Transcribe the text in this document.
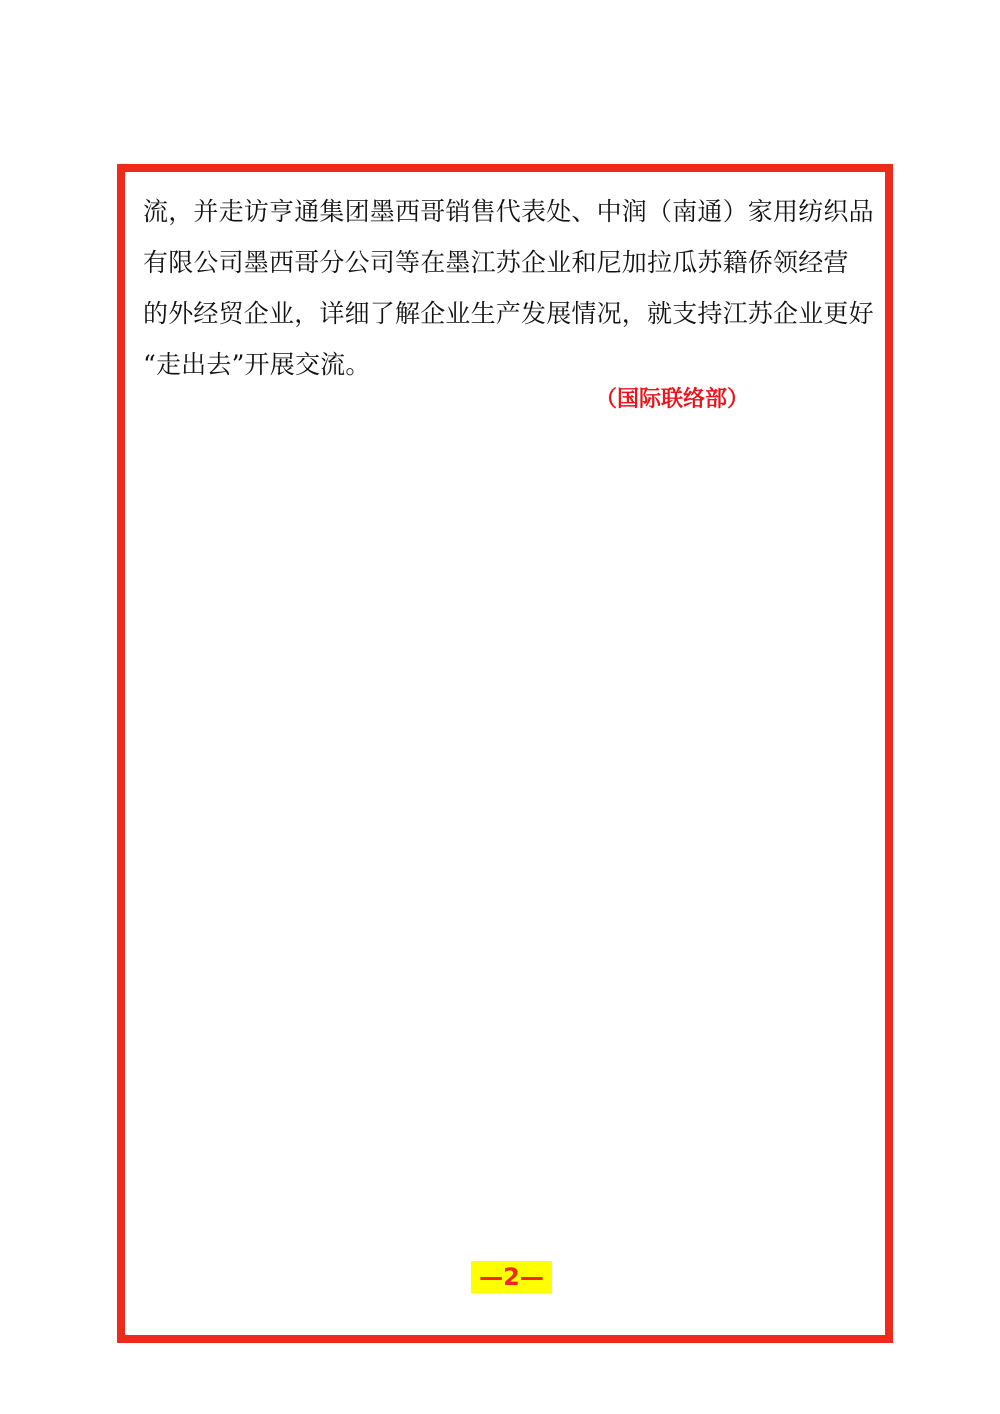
流，并走访亨通集团墨西哥销售代表处、中润（南通）家用纺织品
有限公司墨西哥分公司等在墨江苏企业和尼加拉瓜苏籍侨领经营
的外经贸企业，详细了解企业生产发展情况，就支持江苏企业更好
“走出去”开展交流。

（国际联络部）
—2—
